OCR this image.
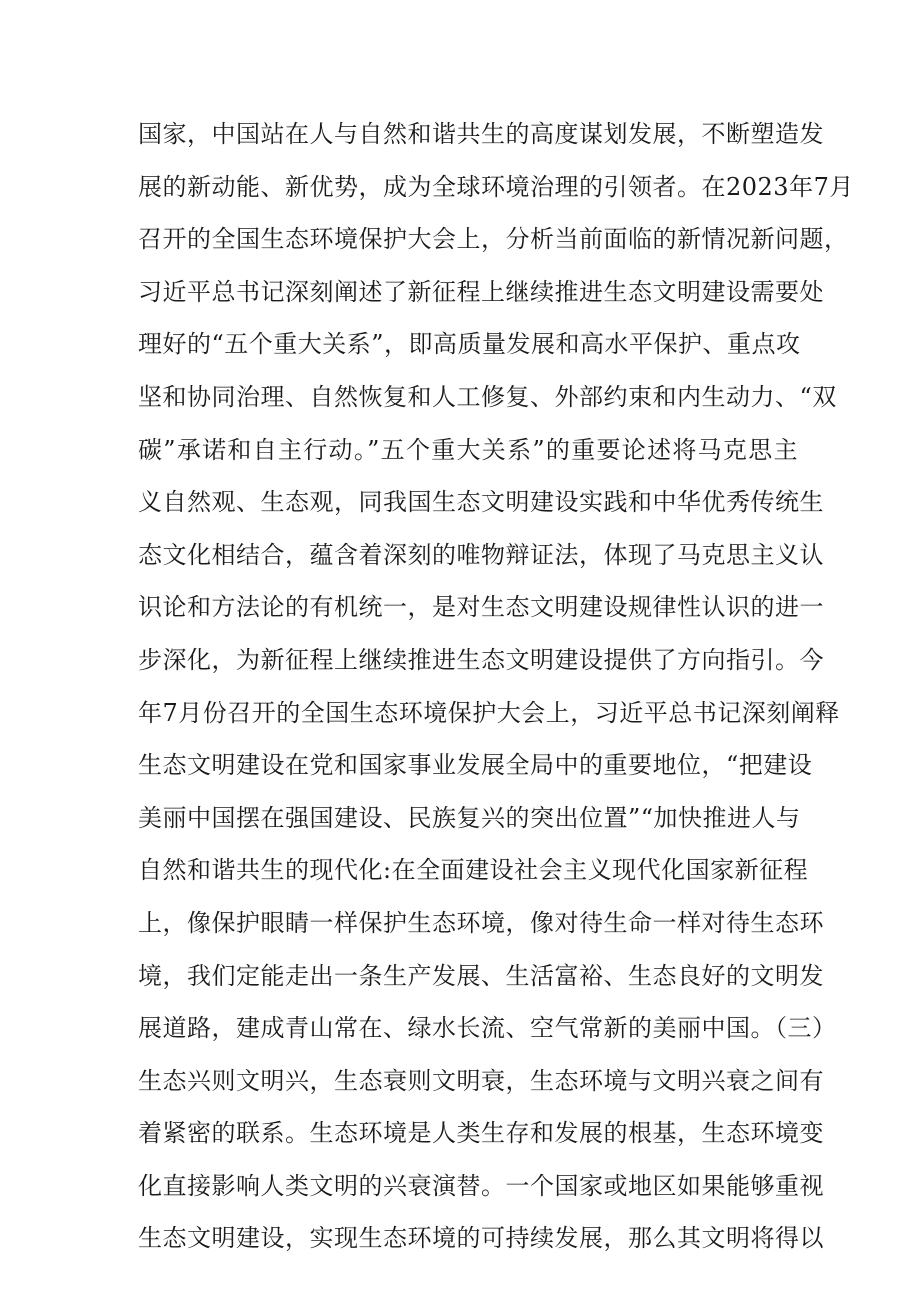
国家，中国站在人与自然和谐共生的高度谋划发展，不断塑造发
展的新动能、新优势，成为全球环境治理的引领者。在2023年7月
召开的全国生态环境保护大会上，分析当前面临的新情况新问题，
习近平总书记深刻阐述了新征程上继续推进生态文明建设需要处
理好的“五个重大关系”，即高质量发展和高水平保护、重点攻
坚和协同治理、自然恢复和人工修复、外部约束和内生动力、“双
碳”承诺和自主行动。”五个重大关系”的重要论述将马克思主
义自然观、生态观，同我国生态文明建设实践和中华优秀传统生
态文化相结合，蕴含着深刻的唯物辩证法，体现了马克思主义认
识论和方法论的有机统一，是对生态文明建设规律性认识的进一
步深化，为新征程上继续推进生态文明建设提供了方向指引。今
年7月份召开的全国生态环境保护大会上，习近平总书记深刻阐释
生态文明建设在党和国家事业发展全局中的重要地位，“把建设
美丽中国摆在强国建设、民族复兴的突出位置”“加快推进人与
自然和谐共生的现代化:在全面建设社会主义现代化国家新征程
上，像保护眼睛一样保护生态环境，像对待生命一样对待生态环
境，我们定能走出一条生产发展、生活富裕、生态良好的文明发
展道路，建成青山常在、绿水长流、空气常新的美丽中国。（三）
生态兴则文明兴，生态衰则文明衰，生态环境与文明兴衰之间有
着紧密的联系。生态环境是人类生存和发展的根基，生态环境变
化直接影响人类文明的兴衰演替。一个国家或地区如果能够重视
生态文明建设，实现生态环境的可持续发展，那么其文明将得以
